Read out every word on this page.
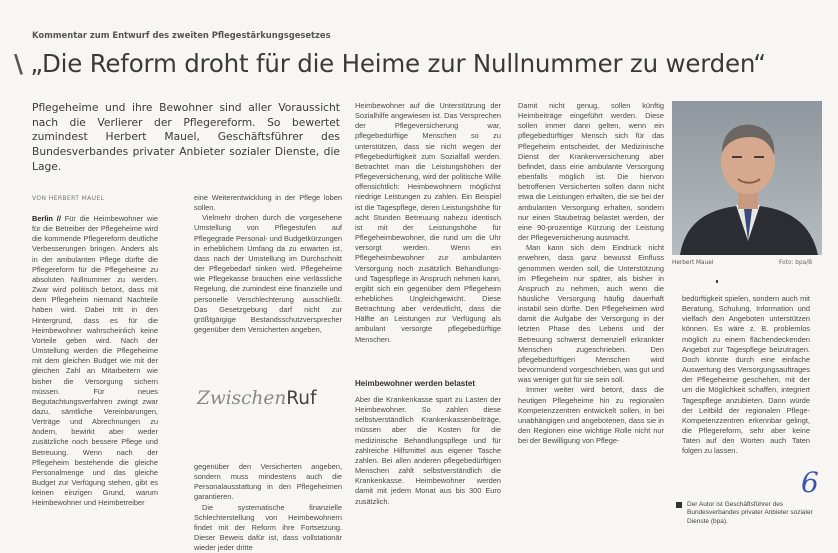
Kommentar zum Entwurf des zweiten Pflegestärkungsgesetzes
\ „Die Reform droht für die Heime zur Nullnummer zu werden“
Pflegeheime und ihre Bewohner sind aller Voraussicht nach die Verlierer der Pflegereform. So bewertet zumindest Herbert Mauel, Geschäftsführer des Bundesverbandes privater Anbieter sozialer Dienste, die Lage.
VON HERBERT MAUEL

Berlin // Für die Heimbewohner wie für die Betreiber der Pflegeheime wird die kommende Pflegereform deutliche Verbesserungen bringen. Anders als in der ambulanten Pflege dürfte die Pflegereform für die Pflegeheime zu absoluten Nullnummer zu werden. Zwar wird politisch betont, dass mit dem Pflegeheim niemand Nachteile haben wird. Dabei tritt in den Hintergrund, dass es für die Heimbewohner wahrscheinlich keine Vorteile geben wird. Nach der Umstellung werden die Pflegeheime mit dem gleichen Budget wie mit der gleichen Zahl an Mitarbeitern wie bisher die Versorgung sichern müssen. Für neues Begutachtungsverfahren zwingt zwar dazu, sämtliche Vereinbarungen, Verträge und Abrechnungen zu ändern, bewirkt aber weder zusätzliche noch bessere Pflege und Betreuung. Wenn nach der Pflegeheim bestehende die gleiche Personalmenge und das gleiche Budget zur Verfügung stehen, gibt es keinen einzigen Grund, warum Heimbewohner und Heimbetreiber

eine Weiterentwicklung in der Pflege loben sollen.

Vielmehr drohen durch die vorgesehene Umstellung von Pflegestufen auf Pflegegrade Personal- und Budgetkürzungen in erheblichem Umfang da zu erwarten ist, dass nach der Umstellung im Durchschnitt der Pflegebedarf sinken wird. Pflegeheime wie Pflegekasse brauchen eine verlässliche Regelung, die zumindest eine finanzielle und personelle Verschlechterung ausschließt. Das Gesetzgebung darf nicht zur größtgärgige Bestandsschutzversprecher gegenüber dem Versicherten angeben,

ZwischenRuf

gegenüber den Versicherten angeben, sondern muss mindestens auch die Personalausstattung in den Pflegeheimen garantieren.

Die systematische finanzielle Schlechterstellung von Heimbewohnern findet mit der Reform ihre Fortsetzung. Dieser Beweis dafür ist, dass vollstationär wieder jeder dritte

Heimbewohner auf die Unterstützung der Sozialhilfe angewiesen ist. Das Versprechen der Pflegeversicherung war, pflegebedürftige Menschen so zu unterstützen, dass sie nicht wegen der Pflegebedürftigkeit zum Sozialfall werden. Betrachtet man die Leistungshöhen der Pflegeversicherung, wird der politische Wille offensichtlich: Heimbewohnern möglichst niedrige Leistungen zu zahlen. Ein Beispiel ist die Tagespflege, deren Leistungshöhe für acht Stunden Betreuung nahezu identisch ist mit der Leistungshöhe für Pflegeheimbewohner, die rund um die Uhr versorgt werden. Wenn ein Pflegeheimbewohner zur ambulanten Versorgung noch zusätzlich Behandlungs- und Tagespflege in Anspruch nehmen kann, ergibt sich ein gegenüber dem Pflegeheim erhebliches Ungleichgewicht. Diese Betrachtung aber verdeutlicht, dass die Hälfte an Leistungen zur Verfügung als ambulant versorgte pflegebedürftige Menschen.

Heimbewohner werden belastet

Aber die Krankenkasse spart zu Lasten der Heimbewohner. So zahlen diese selbstverständlich Krankenkassenbeiträge, müssen aber die Kosten für die medizinische Behandlungspflege und für zahlreiche Hilfsmittel aus eigener Tasche zahlen. Bei allen anderen pflegebedürftigen Menschen zahlt selbstverständlich die Krankenkasse. Heimbewohner werden damit mit jedem Monat aus bis 300 Euro zusätzlich.

Damit nicht genug, sollen künftig Heimbeiträge eingeführt werden. Diese sollen immer dann gelten, wenn ein pflegebedürftiger Mensch sich für das Pflegeheim entscheidet, der Medizinische Dienst der Krankenversicherung aber befindet, dass eine ambulante Versorgung ebenfalls möglich ist. Die hiervon betroffenen Versicherten sollen dann nicht etwa die Leistungen erhalten, die sie bei der ambulanten Versorgung erhalten, sondern nur einen Staubetrag belastet werden, der eine 90-prozentige Kürzung der Leistung der Pflegeversicherung ausmacht.

Man kann sich dem Eindruck nicht erwehren, dass ganz bewusst Einfluss genommen werden soll, die Unterstützung im Pflegeheim nur später, als bisher in Anspruch zu nehmen, auch wenn die häusliche Versorgung häufig dauerhaft instabil sein dürfte. Den Pflegeheimen wird damit die Aufgabe der Versorgung in der letzten Phase des Lebens und der Betreuung schwerst demenziell erkrankter Menschen zugeschrieben. Den pflegebedürftigen Menschen wird bevormundend vorgeschrieben, was gut und was weniger gut für sie sein soll.

Immer weiter wird betont, dass die heutigen Pflegeheime hin zu regionalen Kompetenzzentren entwickelt sollen, in bei unabhängigen und angebotenen, dass sie in den Regionen eine wichtige Rolle nicht nur bei der Bewilligung von Pflege-

Herbert Mauel	Foto: bpa/B

bedürftigkeit spielen, sondern auch mit Beratung, Schulung, Information und vielfach den Angeboten unterstützen können. Es wäre z. B. problemlos möglich zu einem flächendeckenden Angebot zur Tagespflege beizutragen. Doch könnte durch eine einfache Auswertung des Versorgungsauftrages der Pflegeheime geschehen, mit der um die Möglichkeit schaffen, integriert Tagespflege anzubieten. Dann würde der Leitbild der regionalen Pflege-Kompetenzzentren erkennbar gelingt, die Pflegereform, sehr aber keine Taten auf den Worten auch Taten folgen zu lassen.

6
Der Autor ist Geschäftsführer des Bundesverbandes privater Anbieter sozialer Dienste (bpa).
